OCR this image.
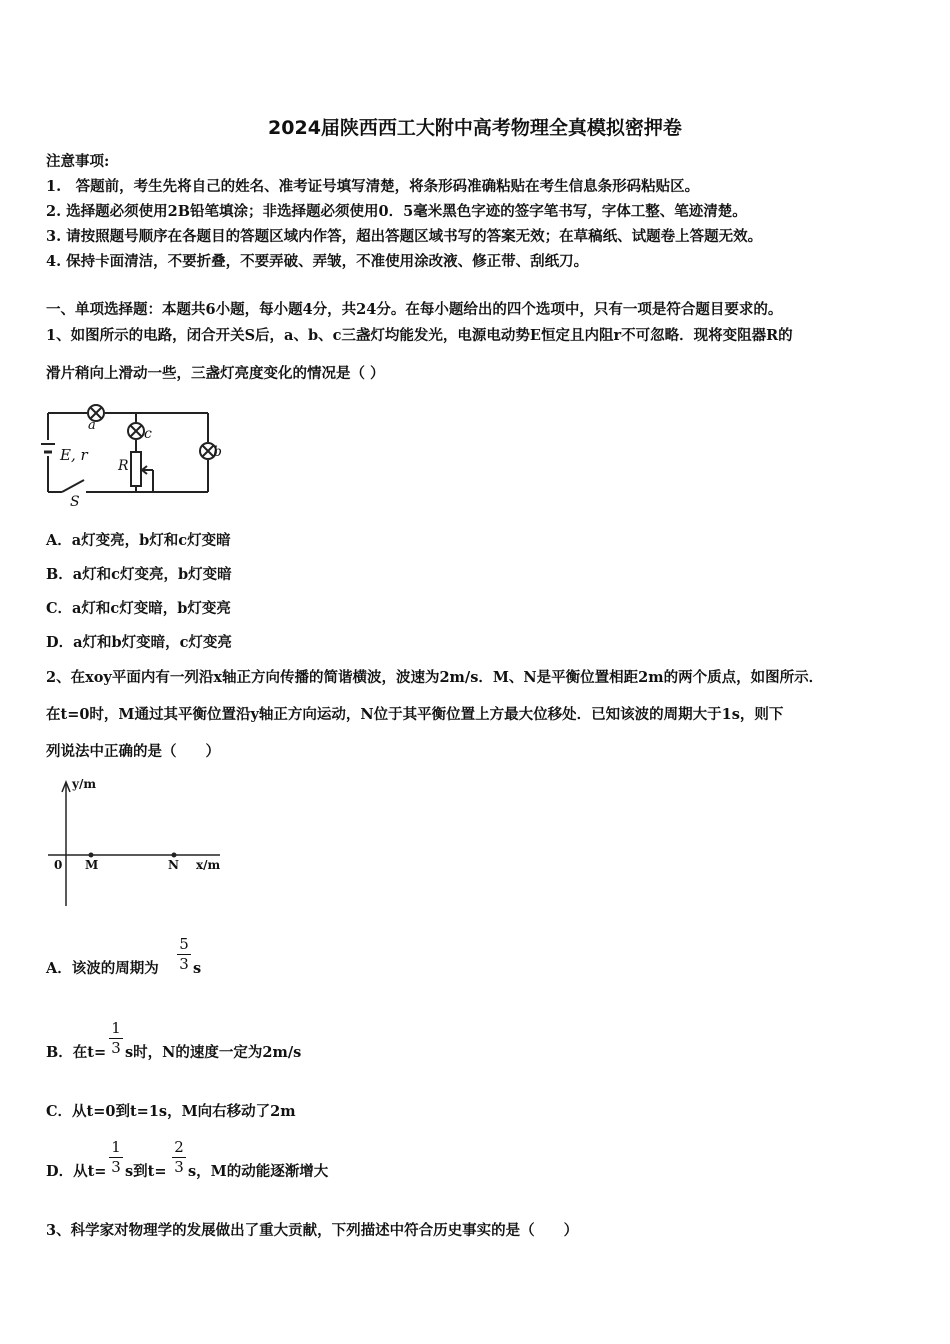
2024届陕西西工大附中高考物理全真模拟密押卷
注意事项:
1.　答题前，考生先将自己的姓名、准考证号填写清楚，将条形码准确粘贴在考生信息条形码粘贴区。
2. 选择题必须使用2B铅笔填涂；非选择题必须使用0．5毫米黑色字迹的签字笔书写，字体工整、笔迹清楚。
3. 请按照题号顺序在各题目的答题区域内作答，超出答题区域书写的答案无效；在草稿纸、试题卷上答题无效。
4. 保持卡面清洁，不要折叠，不要弄破、弄皱，不准使用涂改液、修正带、刮纸刀。
一、单项选择题：本题共6小题，每小题4分，共24分。在每小题给出的四个选项中，只有一项是符合题目要求的。
1、如图所示的电路，闭合开关S后，a、b、c三盏灯均能发光，电源电动势E恒定且内阻r不可忽略．现将变阻器R的
滑片稍向上滑动一些，三盏灯亮度变化的情况是（ ）
a
c
b
R
E, r
S
A．a灯变亮，b灯和c灯变暗
B．a灯和c灯变亮，b灯变暗
C．a灯和c灯变暗，b灯变亮
D．a灯和b灯变暗，c灯变亮
2、在xoy平面内有一列沿x轴正方向传播的简谐横波，波速为2m/s．M、N是平衡位置相距2m的两个质点，如图所示．
在t=0时，M通过其平衡位置沿y轴正方向运动，N位于其平衡位置上方最大位移处．已知该波的周期大于1s，则下
列说法中正确的是（　　）
y/m
0 M	N x/m
A．该波的周期为
5
3 s
B．在t=
1
3 s时，N的速度一定为2m/s
C．从t=0到t=1s，M向右移动了2m
D．从t=
1
3 s到t=
2
3 s，M的动能逐渐增大
3、科学家对物理学的发展做出了重大贡献，下列描述中符合历史事实的是（　　）
